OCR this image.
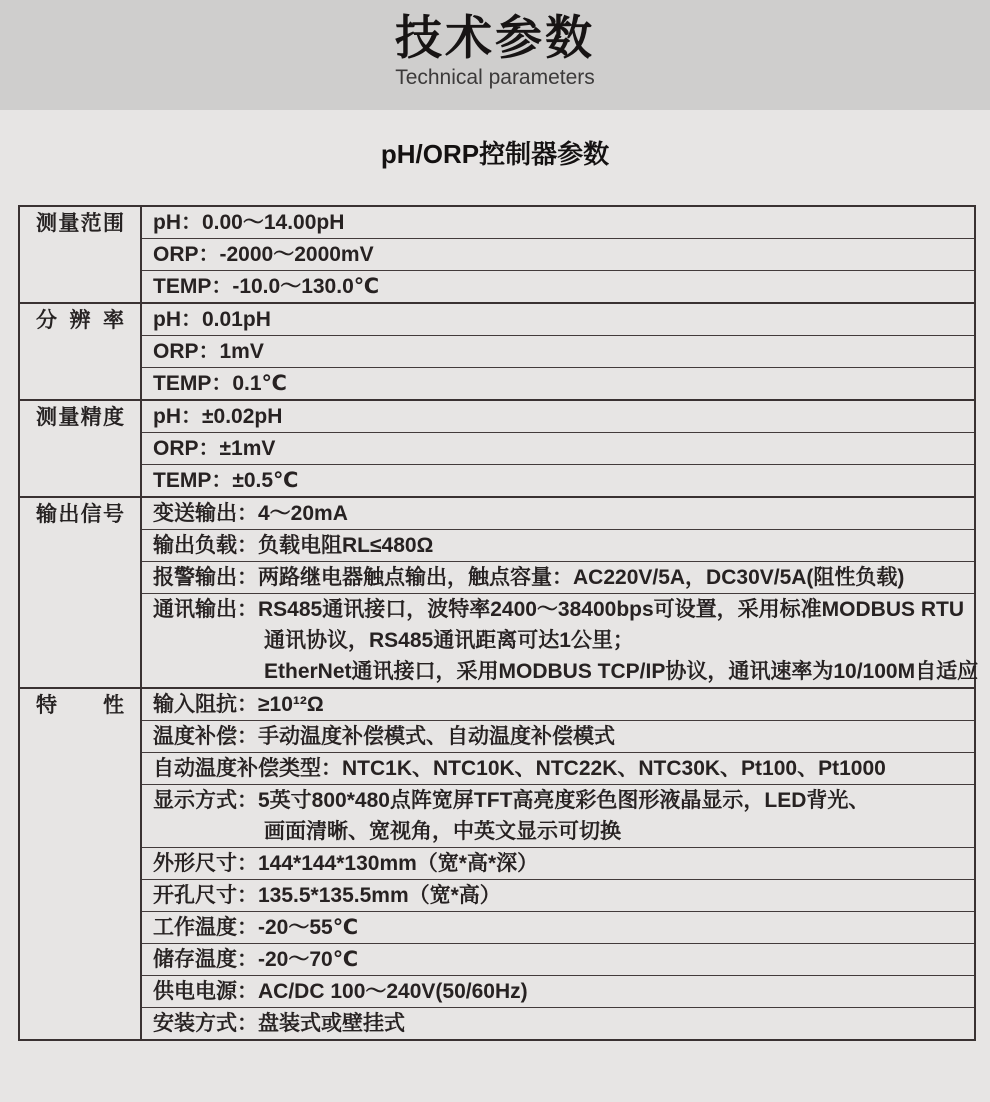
技术参数
Technical parameters
pH/ORP控制器参数
测量范围	pH：0.00～14.00pH
ORP：-2000～2000mV
TEMP：-10.0～130.0℃
分辨率	pH：0.01pH
ORP：1mV
TEMP：0.1℃
测量精度	pH：±0.02pH
ORP：±1mV
TEMP：±0.5℃
输出信号	变送输出：4～20mA
输出负载：负载电阻RL≤480Ω
报警输出：两路继电器触点输出，触点容量：AC220V/5A，DC30V/5A(阻性负载)
通讯输出：RS485通讯接口，波特率2400～38400bps可设置，采用标准MODBUS RTU
通讯协议，RS485通讯距离可达1公里；
EtherNet通讯接口，采用MODBUS TCP/IP协议，通讯速率为10/100M自适应
特性	输入阻抗：≥10¹²Ω
温度补偿：手动温度补偿模式、自动温度补偿模式
自动温度补偿类型：NTC1K、NTC10K、NTC22K、NTC30K、Pt100、Pt1000
显示方式：5英寸800*480点阵宽屏TFT高亮度彩色图形液晶显示，LED背光、
画面清晰、宽视角，中英文显示可切换
外形尺寸：144*144*130mm（宽*高*深）
开孔尺寸：135.5*135.5mm（宽*高）
工作温度：-20～55℃
储存温度：-20～70℃
供电电源：AC/DC 100～240V(50/60Hz)
安装方式：盘装式或壁挂式
